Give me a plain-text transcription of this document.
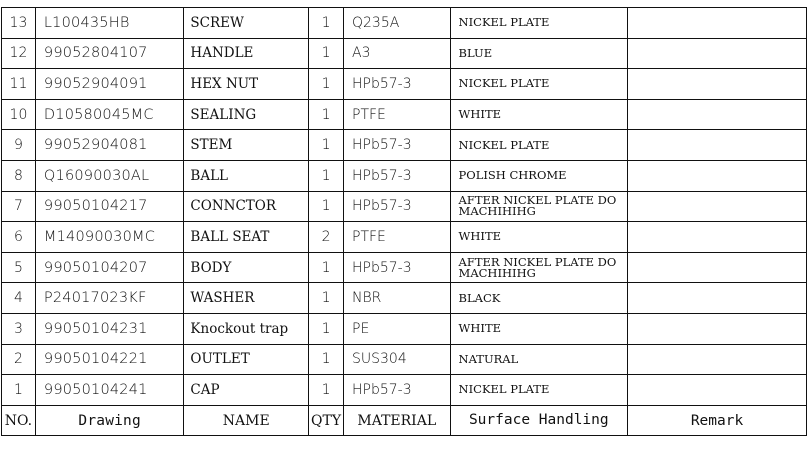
13	L100435HB	SCREW	1	Q235A	NICKEL PLATE	
12	99052804107	HANDLE	1	A3	BLUE	
11	99052904091	HEX NUT	1	HPb57-3	NICKEL PLATE	
10	D10580045MC	SEALING	1	PTFE	WHITE	
9	99052904081	STEM	1	HPb57-3	NICKEL PLATE	
8	Q16090030AL	BALL	1	HPb57-3	POLISH CHROME	
7	99050104217	CONNCTOR	1	HPb57-3	AFTER NICKEL PLATE DO MACHIHIHG	
6	M14090030MC	BALL SEAT	2	PTFE	WHITE	
5	99050104207	BODY	1	HPb57-3	AFTER NICKEL PLATE DO MACHIHIHG	
4	P24017023KF	WASHER	1	NBR	BLACK	
3	99050104231	Knockout trap	1	PE	WHITE	
2	99050104221	OUTLET	1	SUS304	NATURAL	
1	99050104241	CAP	1	HPb57-3	NICKEL PLATE	
NO.	Drawing	NAME	QTY	MATERIAL	Surface Handling	Remark
